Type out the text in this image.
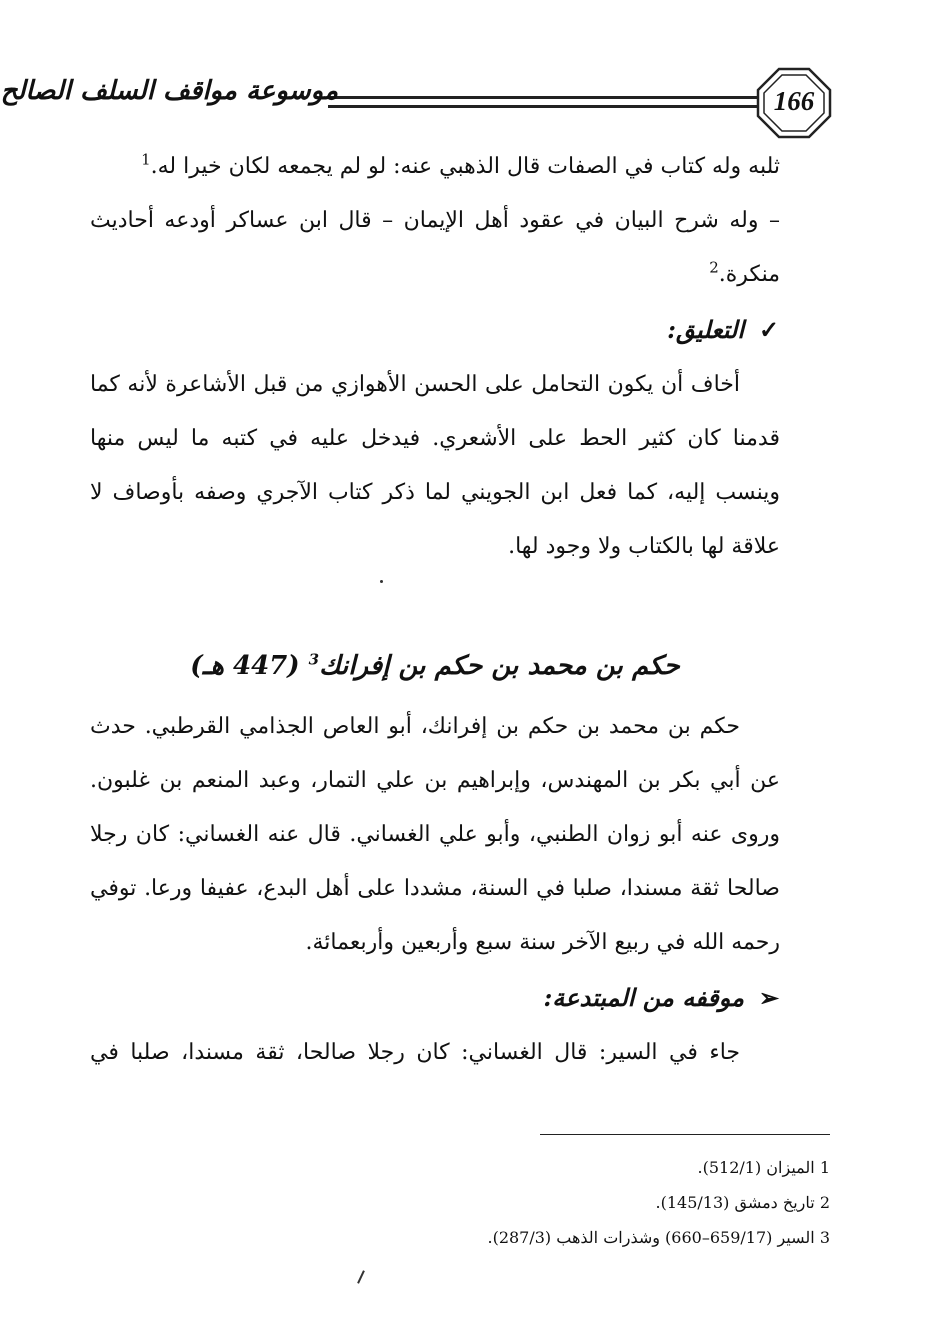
166
موسوعة مواقف السلف الصالح

ثلبه وله كتاب في الصفات قال الذهبي عنه: لو لم يجمعه لكان خيرا له.$^1$

– وله شرح البيان في عقود أهل الإيمان – قال ابن عساكر أودعه أحاديث منكرة.$^2$

✓التعليق:

أخاف أن يكون التحامل على الحسن الأهوازي من قبل الأشاعرة لأنه كما قدمنا كان كثير الحط على الأشعري. فيدخل عليه في كتبه ما ليس منها وينسب إليه، كما فعل ابن الجويني لما ذكر كتاب الآجري وصفه بأوصاف لا علاقة لها بالكتاب ولا وجود لها.

حكم بن محمد بن حكم بن إفرانك$^3$ (447 هـ)

حكم بن محمد بن حكم بن إفرانك، أبو العاص الجذامي القرطبي. حدث عن أبي بكر بن المهندس، وإبراهيم بن علي التمار، وعبد المنعم بن غلبون. وروى عنه أبو زوان الطنبي، وأبو علي الغساني. قال عنه الغساني: كان رجلا صالحا ثقة مسندا، صلبا في السنة، مشددا على أهل البدع، عفيفا ورعا. توفي رحمه الله في ربيع الآخر سنة سبع وأربعين وأربعمائة.

➢موقفه من المبتدعة:

جاء في السير: قال الغساني: كان رجلا صالحا، ثقة مسندا، صلبا في

1 الميزان (512/1).

2 تاريخ دمشق (145/13).

3 السير (659/17–660) وشذرات الذهب (287/3).
